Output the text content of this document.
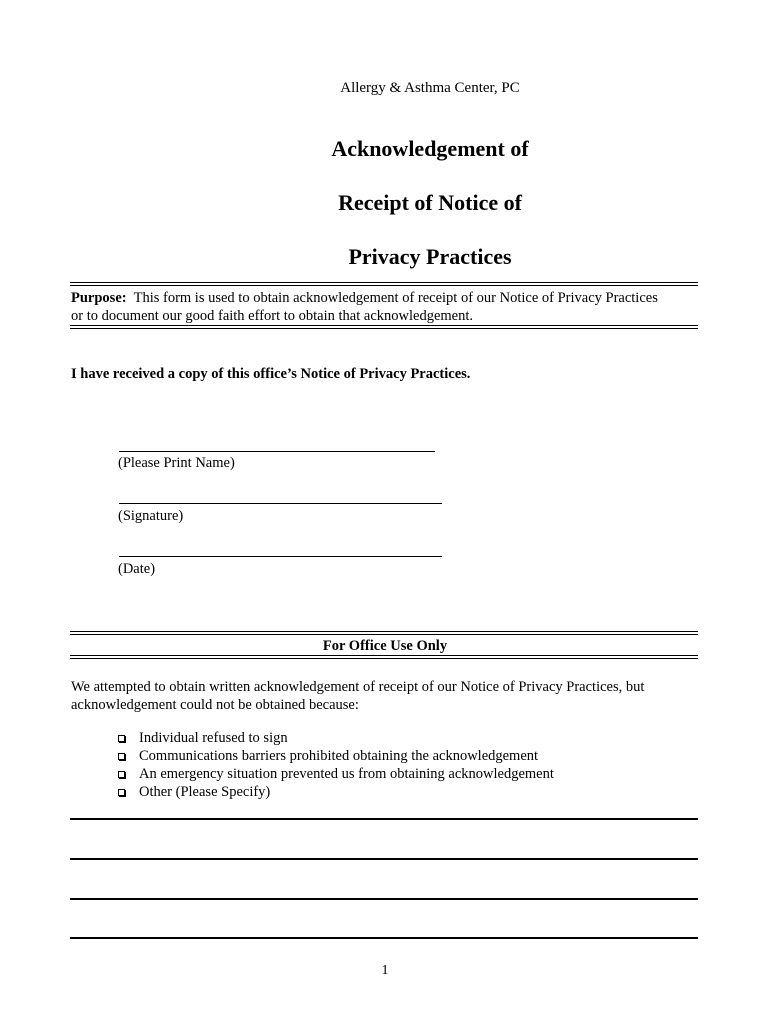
Allergy & Asthma Center, PC
Acknowledgement of
Receipt of Notice of
Privacy Practices
Purpose: This form is used to obtain acknowledgement of receipt of our Notice of Privacy Practices
or to document our good faith effort to obtain that acknowledgement.
I have received a copy of this office’s Notice of Privacy Practices.
(Please Print Name)
(Signature)
(Date)
For Office Use Only
We attempted to obtain written acknowledgement of receipt of our Notice of Privacy Practices, but
acknowledgement could not be obtained because:
Individual refused to sign
Communications barriers prohibited obtaining the acknowledgement
An emergency situation prevented us from obtaining acknowledgement
Other (Please Specify)
1
